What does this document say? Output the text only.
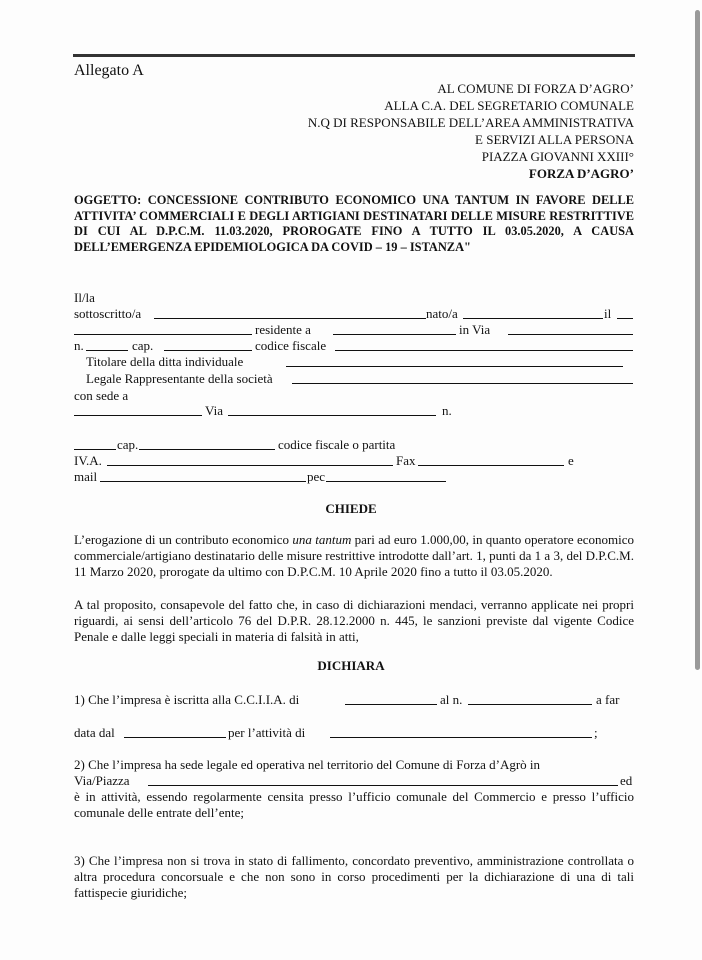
Allegato A
AL COMUNE DI FORZA D’AGRO’
ALLA C.A. DEL SEGRETARIO COMUNALE
N.Q DI RESPONSABILE DELL’AREA AMMINISTRATIVA
E SERVIZI ALLA PERSONA
PIAZZA GIOVANNI XXIII°
FORZA D’AGRO’
OGGETTO: CONCESSIONE CONTRIBUTO ECONOMICO UNA TANTUM IN FAVORE DELLE ATTIVITA’ COMMERCIALI E DEGLI ARTIGIANI DESTINATARI DELLE MISURE RESTRITTIVE DI CUI AL D.P.C.M. 11.03.2020, PROROGATE FINO A TUTTO IL 03.05.2020, A CAUSA DELL’EMERGENZA EPIDEMIOLOGICA DA COVID – 19 – ISTANZA"
Il/la
sottoscritto/a	nato/a	il
residente a	in Via
n.	cap.	codice fiscale
Titolare della ditta individuale
Legale Rappresentante della società
con sede a
Via	n.
cap.	codice fiscale o partita
IV.A.	Fax	e
mail	pec
CHIEDE
L’erogazione di un contributo economico una tantum pari ad euro 1.000,00, in quanto operatore economico commerciale/artigiano destinatario delle misure restrittive introdotte dall’art. 1, punti da 1 a 3, del D.P.C.M. 11 Marzo 2020, prorogate da ultimo con D.P.C.M. 10 Aprile 2020 fino a tutto il 03.05.2020.
A tal proposito, consapevole del fatto che, in caso di dichiarazioni mendaci, verranno applicate nei propri riguardi, ai sensi dell’articolo 76 del D.P.R. 28.12.2000 n. 445, le sanzioni previste dal vigente Codice Penale e dalle leggi speciali in materia di falsità in atti,
DICHIARA
1) Che l’impresa è iscritta alla C.C.I.I.A. di	al n.	a far
data dal	per l’attività di	;
2) Che l’impresa ha sede legale ed operativa nel territorio del Comune di Forza d’Agrò in
Via/Piazza	ed
è in attività, essendo regolarmente censita presso l’ufficio comunale del Commercio e presso l’ufficio comunale delle entrate dell’ente;
3) Che l’impresa non si trova in stato di fallimento, concordato preventivo, amministrazione controllata o altra procedura concorsuale e che non sono in corso procedimenti per la dichiarazione di una di tali fattispecie giuridiche;
